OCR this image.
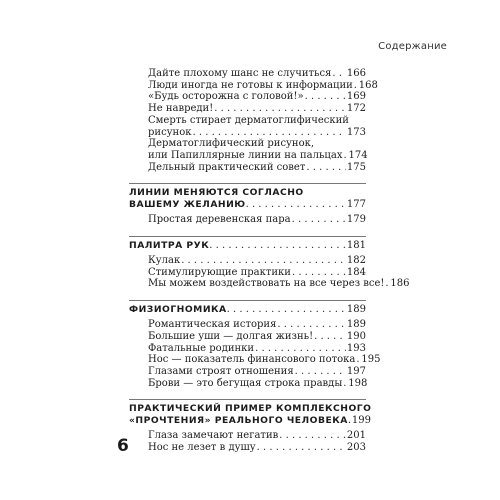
Содержание
Дайте плохому шанс не случиться . . . 166
Люди иногда не готовы к информации . . . 168
«Будь осторожна с головой!» . . .	169
Не навреди! . . .	172
Смерть стирает дерматоглифический
рисунок . . .	173
Дерматоглифический рисунок,
или Папиллярные линии на пальцах . . . 174
Дельный практический совет . . .	175
ЛИНИИ МЕНЯЮТСЯ СОГЛАСНО
ВАШЕМУ ЖЕЛАНИЮ . . .	177
Простая деревенская пара . . .	179
ПАЛИТРА РУК . . .	181
Кулак . . .	182
Стимулирующие практики . . .	184
Мы можем воздействовать на все через все! . . . 186
ФИЗИОГНОМИКА . . .	189
Романтическая история . . .	189
Большие уши — долгая жизнь! . . .	190
Фатальные родинки . . .	193
Нос — показатель финансового потока . . . 195
Глазами строят отношения . . .	197
Брови — это бегущая строка правды . . . 198
ПРАКТИЧЕСКИЙ ПРИМЕР КОМПЛЕКСНОГО
«ПРОЧТЕНИЯ» РЕАЛЬНОГО ЧЕЛОВЕКА . . . 199
Глаза замечают негатив . . .	201
Нос не лезет в душу . . .	203
6
